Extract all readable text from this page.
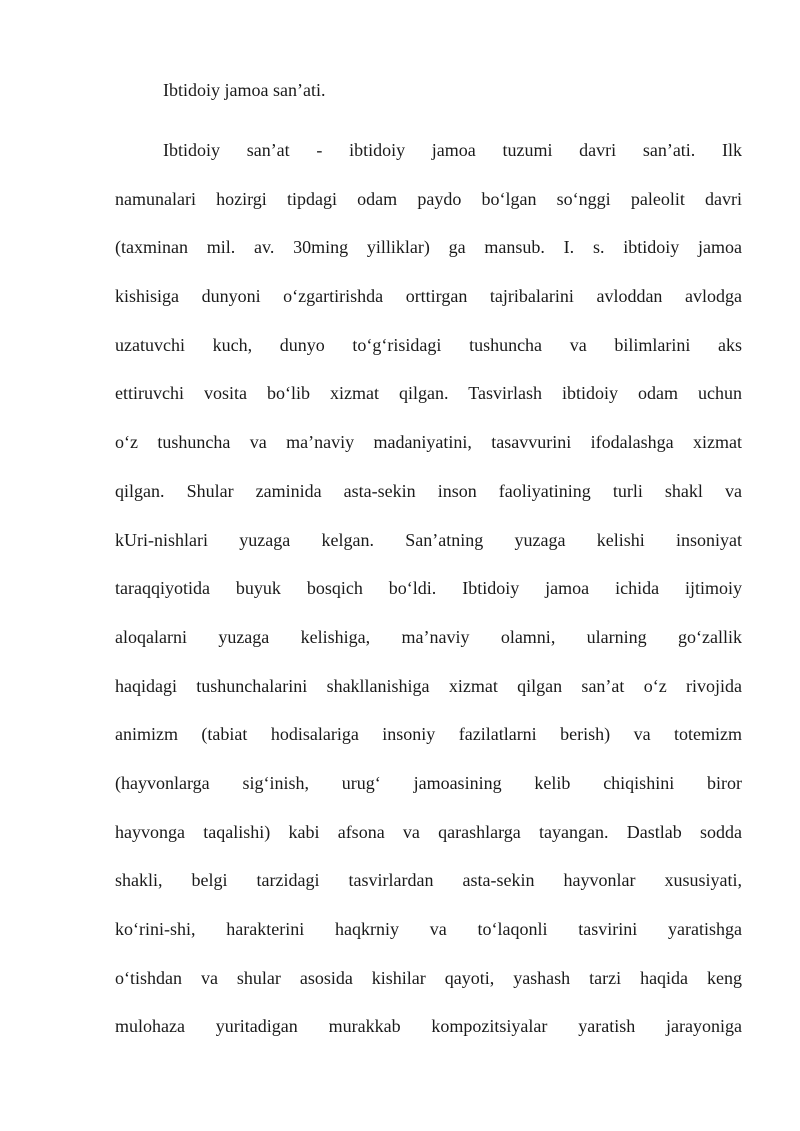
Ibtidoiy jamoa san’ati.

Ibtidoiy san’at - ibtidoiy jamoa tuzumi davri san’ati. Ilk
namunalari hozirgi tipdagi odam paydo bo‘lgan so‘nggi paleolit davri
(taxminan mil. av. 30ming yilliklar) ga mansub. I. s. ibtidoiy jamoa
kishisiga dunyoni o‘zgartirishda orttirgan tajribalarini avloddan avlodga
uzatuvchi kuch, dunyo to‘g‘risidagi tushuncha va bilimlarini aks
ettiruvchi vosita bo‘lib xizmat qilgan. Tasvirlash ibtidoiy odam uchun
o‘z tushuncha va ma’naviy madaniyatini, tasavvurini ifodalashga xizmat
qilgan. Shular zaminida asta-sekin inson faoliyatining turli shakl va
kUri-nishlari yuzaga kelgan. San’atning yuzaga kelishi insoniyat
taraqqiyotida buyuk bosqich bo‘ldi. Ibtidoiy jamoa ichida ijtimoiy
aloqalarni yuzaga kelishiga, ma’naviy olamni, ularning go‘zallik
haqidagi tushunchalarini shakllanishiga xizmat qilgan san’at o‘z rivojida
animizm (tabiat hodisalariga insoniy fazilatlarni berish) va totemizm
(hayvonlarga sig‘inish, urug‘ jamoasining kelib chiqishini biror
hayvonga taqalishi) kabi afsona va qarashlarga tayangan. Dastlab sodda
shakli, belgi tarzidagi tasvirlardan asta-sekin hayvonlar xususiyati,
ko‘rini-shi, harakterini haqkrniy va to‘laqonli tasvirini yaratishga
o‘tishdan va shular asosida kishilar qayoti, yashash tarzi haqida keng
mulohaza yuritadigan murakkab kompozitsiyalar yaratish jarayoniga
